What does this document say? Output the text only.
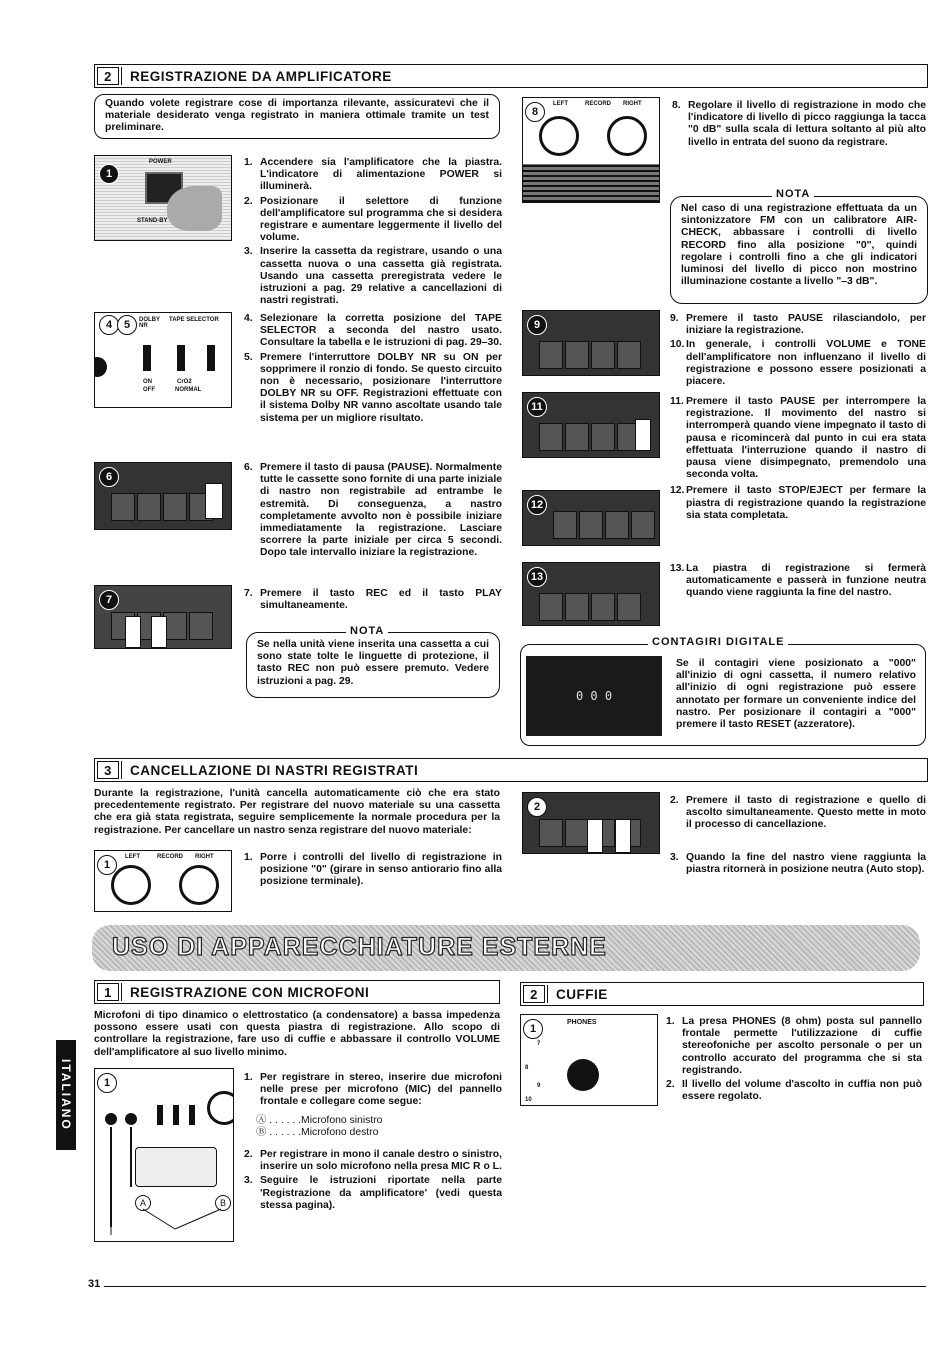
2	REGISTRAZIONE DA AMPLIFICATORE
Quando volete registrare cose di importanza rilevante, assicuratevi che il materiale desiderato venga registrato in maniera ottimale tramite un test preliminare.
1
POWER
STAND-BY
4	5	DOLBY NR
TAPE SELECTOR
ON
OFF
CrO2
NORMAL
6
7
1. Accendere sia l'amplificatore che la piastra. L'indicatore di alimentazione POWER si illuminerà.
2. Posizionare il selettore di funzione dell'amplificatore sul programma che si desidera registrare e aumentare leggermente il livello del volume.
3. Inserire la cassetta da registrare, usando o una cassetta nuova o una cassetta già registrata. Usando una cassetta preregistrata vedere le istruzioni a pag. 29 relative a cancellazioni di nastri registrati.
4. Selezionare la corretta posizione del TAPE SELECTOR a seconda del nastro usato. Consultare la tabella e le istruzioni di pag. 29–30.
5. Premere l'interruttore DOLBY NR su ON per sopprimere il ronzio di fondo. Se questo circuito non è necessario, posizionare l'interruttore DOLBY NR su OFF. Registrazioni effettuate con il sistema Dolby NR vanno ascoltate usando tale sistema per un migliore risultato.
6. Premere il tasto di pausa (PAUSE). Normalmente tutte le cassette sono fornite di una parte iniziale di nastro non registrabile ad entrambe le estremità. Di conseguenza, a nastro completamente avvolto non è possibile iniziare immediatamente la registrazione. Lasciare scorrere la parte iniziale per circa 5 secondi. Dopo tale intervallo iniziare la registrazione.
7. Premere il tasto REC ed il tasto PLAY simultaneamente.
Se nella unità viene inserita una cassetta a cui sono state tolte le linguette di protezione, il tasto REC non può essere premuto. Vedere istruzioni a pag. 29.
NOTA
8
LEFT	RECORD RIGHT
9
11
12
13
8. Regolare il livello di registrazione in modo che l'indicatore di livello di picco raggiunga la tacca "0 dB" sulla scala di lettura soltanto al più alto livello in entrata del suono da registrare.
Nel caso di una registrazione effettuata da un sintonizzatore FM con un calibratore AIR-CHECK, abbassare i controlli di livello RECORD fino alla posizione "0", quindi regolare i controlli fino a che gli indicatori luminosi del livello di picco non mostrino illuminazione costante a livello "–3 dB".
NOTA
9. Premere il tasto PAUSE rilasciandolo, per iniziare la registrazione.
10. In generale, i controlli VOLUME e TONE dell'amplificatore non influenzano il livello di registrazione e possono essere posizionati a piacere.
11. Premere il tasto PAUSE per interrompere la registrazione. Il movimento del nastro si interromperà quando viene impegnato il tasto di pausa e ricomincerà dal punto in cui era stata effettuata l'interruzione quando il nastro di pausa viene disimpegnato, premendolo una seconda volta.
12. Premere il tasto STOP/EJECT per fermare la piastra di registrazione quando la registrazione sia stata completata.
13. La piastra di registrazione si fermerà automaticamente e passerà in funzione neutra quando viene raggiunta la fine del nastro.
CONTAGIRI DIGITALE
0 0 0
Se il contagiri viene posizionato a "000" all'inizio di ogni cassetta, il numero relativo all'inizio di ogni registrazione può essere annotato per formare un conveniente indice del nastro. Per posizionare il contagiri a "000" premere il tasto RESET (azzeratore).
3	CANCELLAZIONE DI NASTRI REGISTRATI
Durante la registrazione, l'unità cancella automaticamente ciò che era stato precedentemente registrato. Per registrare del nuovo materiale su una cassetta che era già stata registrata, seguire semplicemente la normale procedura per la registrazione. Per cancellare un nastro senza registrare del nuovo materiale:
1
LEFT	RECORD RIGHT	1. Porre i controlli del livello di registrazione in posizione "0" (girare in senso antiorario fino alla posizione terminale).
2
2. Premere il tasto di registrazione e quello di ascolto simultaneamente. Questo mette in moto il processo di cancellazione.
3. Quando la fine del nastro viene raggiunta la piastra ritornerà in posizione neutra (Auto stop).
USO DI APPARECCHIATURE ESTERNE
ITALIANO
1	REGISTRAZIONE CON MICROFONI
Microfoni di tipo dinamico o elettrostatico (a condensatore) a bassa impedenza possono essere usati con questa piastra di registrazione. Allo scopo di controllare la registrazione, fare uso di cuffie e abbassare il controllo VOLUME dell'amplificatore al suo livello minimo.
1
A	B
1. Per registrare in stereo, inserire due microfoni nelle prese per microfono (MIC) del pannello frontale e collegare come segue:
Ⓐ . . . . . .Microfono sinistro
Ⓑ . . . . . .Microfono destro
2. Per registrare in mono il canale destro o sinistro, inserire un solo microfono nella presa MIC R o L.
3. Seguire le istruzioni riportate nella parte 'Registrazione da amplificatore' (vedi questa stessa pagina).
2	CUFFIE
1
PHONES
7
8
9
10
1. La presa PHONES (8 ohm) posta sul pannello frontale permette l'utilizzazione di cuffie stereofoniche per ascolto personale o per un controllo accurato del programma che si sta registrando.
2. Il livello del volume d'ascolto in cuffia non può essere regolato.
31
